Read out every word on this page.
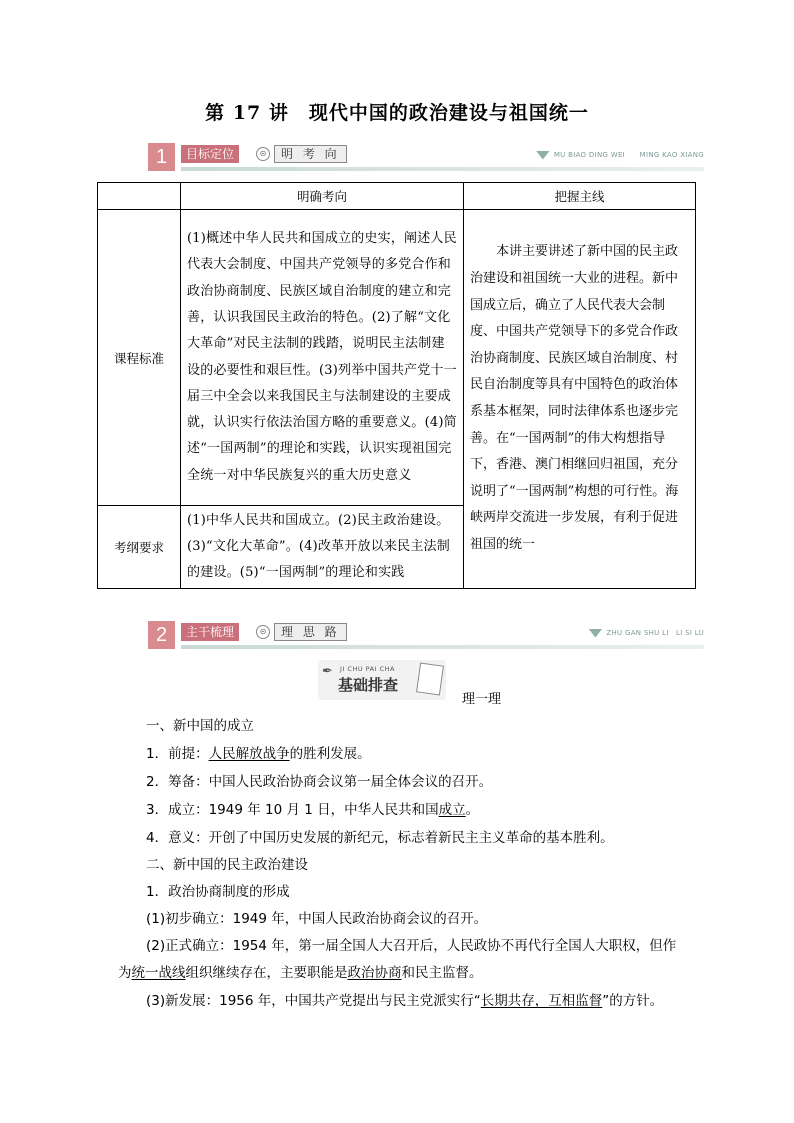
第 17 讲　现代中国的政治建设与祖国统一
1	目标定位	⊝	明 考 向	MU BIAO DING WEI　　MING KAO XIANG
	明确考向	把握主线
课程标准	(1)概述中华人民共和国成立的史实，阐述人民代表大会制度、中国共产党领导的多党合作和政治协商制度、民族区域自治制度的建立和完善，认识我国民主政治的特色。(2)了解“文化大革命”对民主法制的践踏，说明民主法制建设的必要性和艰巨性。(3)列举中国共产党十一届三中全会以来我国民主与法制建设的主要成就，认识实行依法治国方略的重要意义。(4)简述“一国两制”的理论和实践，认识实现祖国完全统一对中华民族复兴的重大历史意义	本讲主要讲述了新中国的民主政治建设和祖国统一大业的进程。新中国成立后，确立了人民代表大会制度、中国共产党领导下的多党合作政治协商制度、民族区域自治制度、村民自治制度等具有中国特色的政治体系基本框架，同时法律体系也逐步完善。在“一国两制”的伟大构想指导下，香港、澳门相继回归祖国，充分说明了“一国两制”构想的可行性。海峡两岸交流进一步发展，有利于促进祖国的统一
考纲要求	(1)中华人民共和国成立。(2)民主政治建设。(3)“文化大革命”。(4)改革开放以来民主法制的建设。(5)“一国两制”的理论和实践	
2	主干梳理	⊝	理 思 路	ZHU GAN SHU LI　LI SI LU
✒ JI CHU PAI CHA
基础排查
理一理
一、新中国的成立
1．前提：人民解放战争的胜利发展。
2．筹备：中国人民政治协商会议第一届全体会议的召开。
3．成立：1949 年 10 月 1 日，中华人民共和国成立。
4．意义：开创了中国历史发展的新纪元，标志着新民主主义革命的基本胜利。
二、新中国的民主政治建设
1．政治协商制度的形成
(1)初步确立：1949 年，中国人民政治协商会议的召开。
(2)正式确立：1954 年，第一届全国人大召开后，人民政协不再代行全国人大职权，但作
为统一战线组织继续存在，主要职能是政治协商和民主监督。
(3)新发展：1956 年，中国共产党提出与民主党派实行“长期共存，互相监督”的方针。
